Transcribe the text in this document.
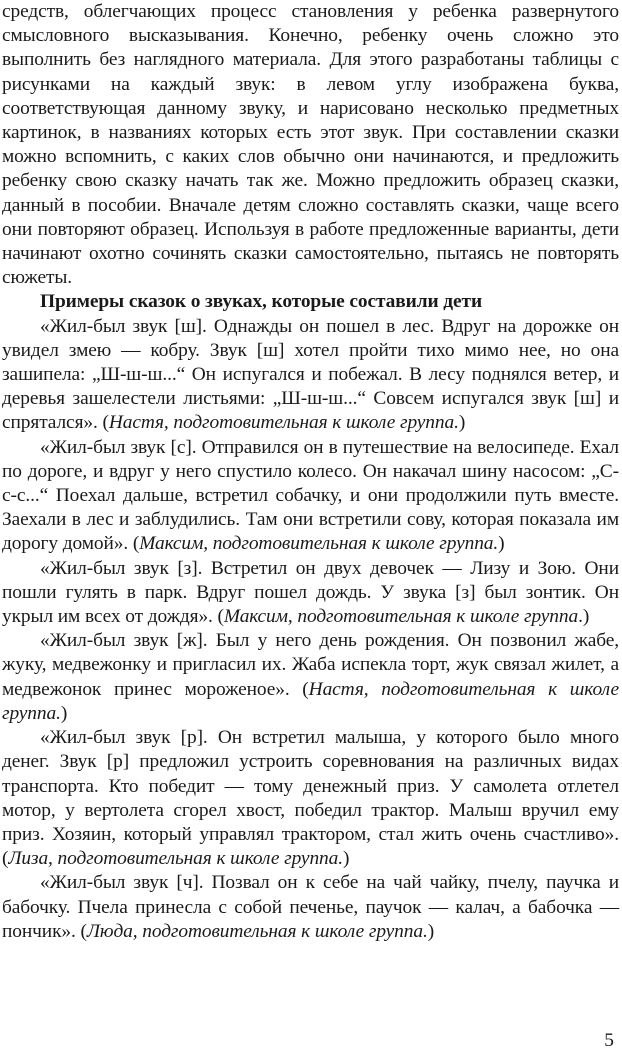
средств, облегчающих процесс становления у ребенка развернутого смысловного высказывания. Конечно, ребенку очень сложно это выполнить без наглядного материала. Для этого разработаны таблицы с рисунками на каждый звук: в левом углу изображена буква, соответствующая данному звуку, и нарисовано несколько предметных картинок, в названиях которых есть этот звук. При составлении сказки можно вспомнить, с каких слов обычно они начинаются, и предложить ребенку свою сказку начать так же. Можно предложить образец сказки, данный в пособии. Вначале детям сложно составлять сказки, чаще всего они повторяют образец. Используя в работе предложенные варианты, дети начинают охотно сочинять сказки самостоятельно, пытаясь не повторять сюжеты.

Примеры сказок о звуках, которые составили дети

«Жил-был звук [ш]. Однажды он пошел в лес. Вдруг на дорожке он увидел змею — кобру. Звук [ш] хотел пройти тихо мимо нее, но она зашипела: „Ш-ш-ш...“ Он испугался и побежал. В лесу поднялся ветер, и деревья зашелестели листьями: „Ш-ш-ш...“ Совсем испугался звук [ш] и спрятался». (Настя, подготовительная к школе группа.)

«Жил-был звук [с]. Отправился он в путешествие на велосипеде. Ехал по дороге, и вдруг у него спустило колесо. Он накачал шину насосом: „С-с-с...“ Поехал дальше, встретил собачку, и они продолжили путь вместе. Заехали в лес и заблудились. Там они встретили сову, которая показала им дорогу домой». (Максим, подготовительная к школе группа.)

«Жил-был звук [з]. Встретил он двух девочек — Лизу и Зою. Они пошли гулять в парк. Вдруг пошел дождь. У звука [з] был зонтик. Он укрыл им всех от дождя». (Максим, подготовительная к школе группа.)

«Жил-был звук [ж]. Был у него день рождения. Он позвонил жабе, жуку, медвежонку и пригласил их. Жаба испекла торт, жук связал жилет, а медвежонок принес мороженое». (Настя, подготовительная к школе группа.)

«Жил-был звук [р]. Он встретил малыша, у которого было много денег. Звук [р] предложил устроить соревнования на различных видах транспорта. Кто победит — тому денежный приз. У самолета отлетел мотор, у вертолета сгорел хвост, победил трактор. Малыш вручил ему приз. Хозяин, который управлял трактором, стал жить очень счастливо». (Лиза, подготовительная к школе группа.)

«Жил-был звук [ч]. Позвал он к себе на чай чайку, пчелу, паучка и бабочку. Пчела принесла с собой печенье, паучок — калач, а бабочка — пончик». (Люда, подготовительная к школе группа.)

5
